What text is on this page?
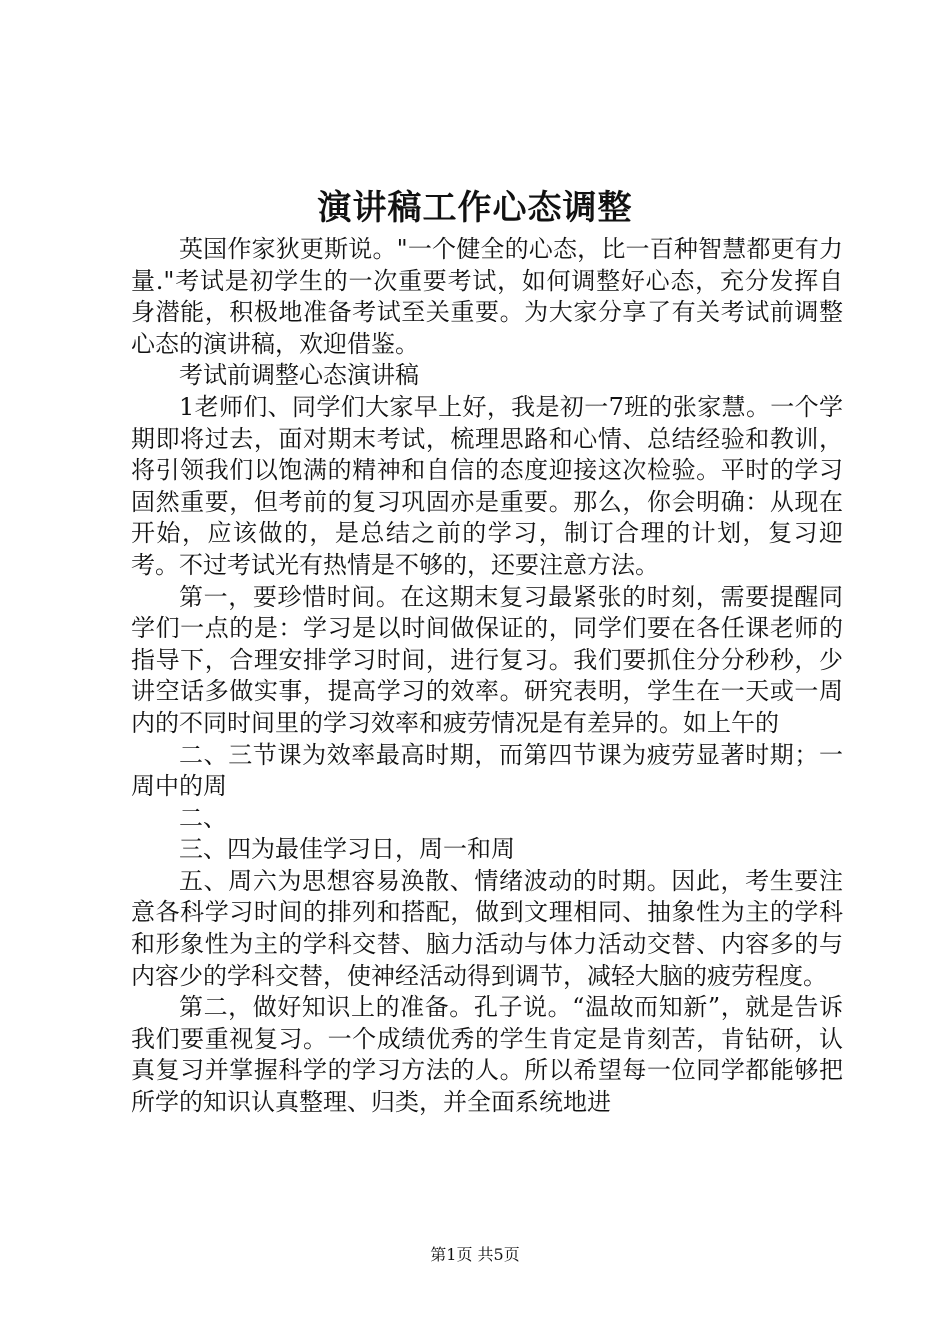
演讲稿工作心态调整

英国作家狄更斯说。"一个健全的心态，比一百种智慧都更有力量."考试是初学生的一次重要考试，如何调整好心态，充分发挥自身潜能，积极地准备考试至关重要。为大家分享了有关考试前调整心态的演讲稿，欢迎借鉴。

考试前调整心态演讲稿

1老师们、同学们大家早上好，我是初一7班的张家慧。一个学期即将过去，面对期末考试，梳理思路和心情、总结经验和教训，将引领我们以饱满的精神和自信的态度迎接这次检验。平时的学习固然重要，但考前的复习巩固亦是重要。那么，你会明确：从现在开始，应该做的，是总结之前的学习，制订合理的计划，复习迎考。不过考试光有热情是不够的，还要注意方法。

第一，要珍惜时间。在这期末复习最紧张的时刻，需要提醒同学们一点的是：学习是以时间做保证的，同学们要在各任课老师的指导下，合理安排学习时间，进行复习。我们要抓住分分秒秒，少讲空话多做实事，提高学习的效率。研究表明，学生在一天或一周内的不同时间里的学习效率和疲劳情况是有差异的。如上午的

二、三节课为效率最高时期，而第四节课为疲劳显著时期；一周中的周

二、

三、四为最佳学习日，周一和周

五、周六为思想容易涣散、情绪波动的时期。因此，考生要注意各科学习时间的排列和搭配，做到文理相同、抽象性为主的学科和形象性为主的学科交替、脑力活动与体力活动交替、内容多的与内容少的学科交替，使神经活动得到调节，减轻大脑的疲劳程度。

第二，做好知识上的准备。孔子说。“温故而知新”，就是告诉我们要重视复习。一个成绩优秀的学生肯定是肯刻苦，肯钻研，认真复习并掌握科学的学习方法的人。所以希望每一位同学都能够把所学的知识认真整理、归类，并全面系统地进

第1页 共5页
